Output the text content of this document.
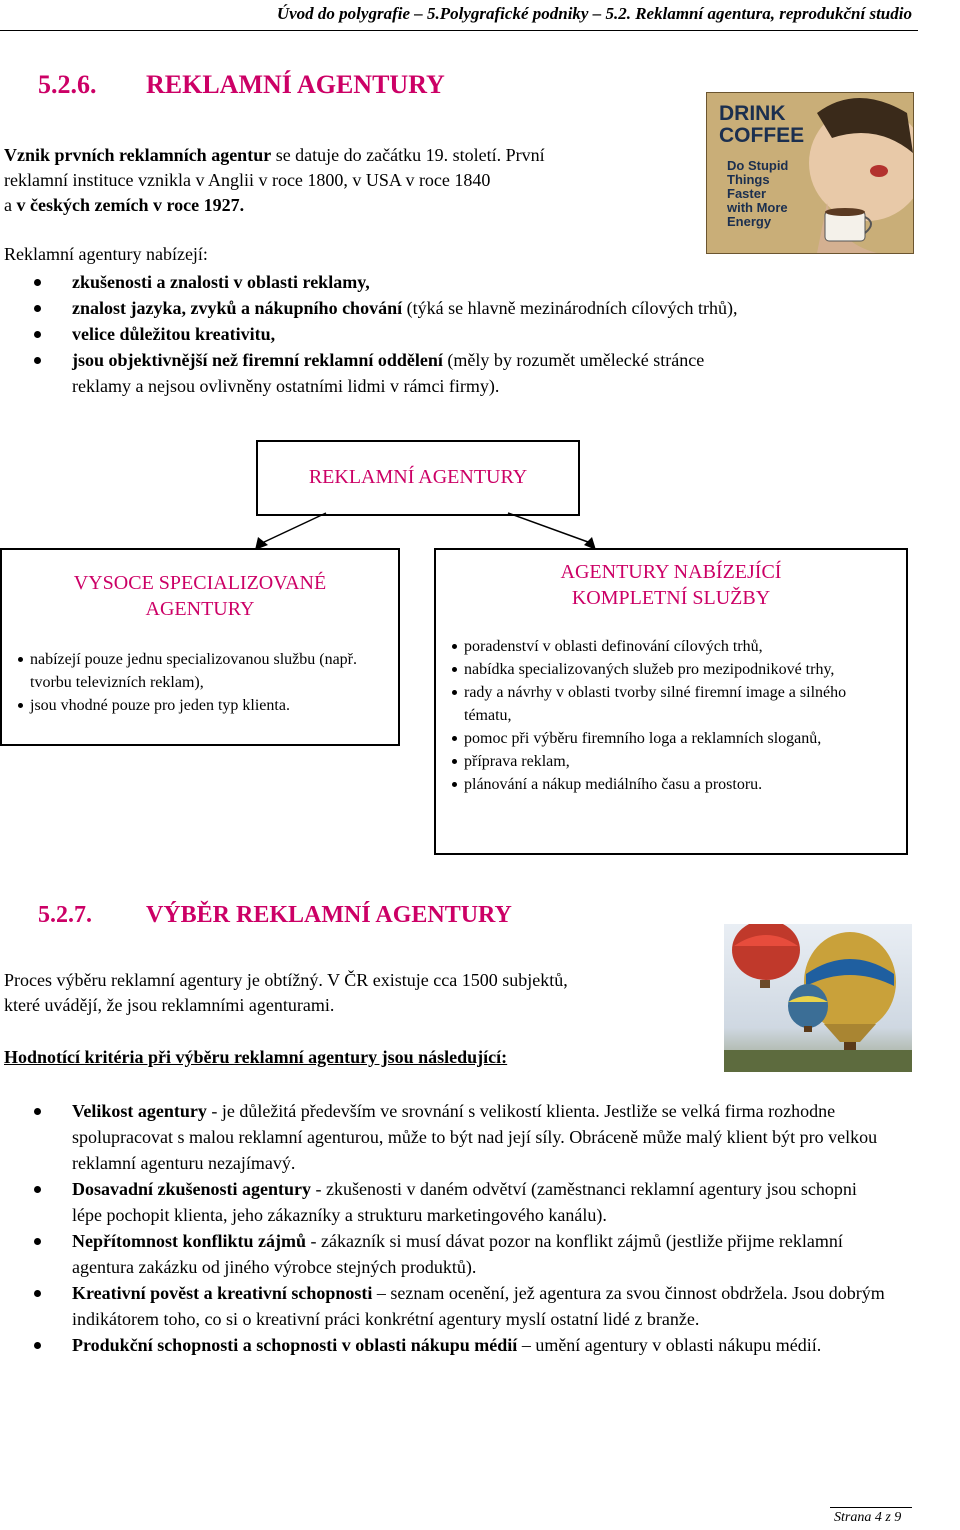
Úvod do polygrafie – 5.Polygrafické podniky – 5.2. Reklamní agentura, reprodukční studio
5.2.6. REKLAMNÍ AGENTURY
Vznik prvních reklamních agentur se datuje do začátku 19. století. První
reklamní instituce vznikla v Anglii v roce 1800, v USA v roce 1840
a v českých zemích v roce 1927.
DRINK
COFFEE
Do Stupid
Things
Faster
with More
Energy
Reklamní agentury nabízejí:
zkušenosti a znalosti v oblasti reklamy,
znalost jazyka, zvyků a nákupního chování (týká se hlavně mezinárodních cílových trhů),
velice důležitou kreativitu,
jsou objektivnější než firemní reklamní oddělení (měly by rozumět umělecké stránce
reklamy a nejsou ovlivněny ostatními lidmi v rámci firmy).
REKLAMNÍ AGENTURY
VYSOCE SPECIALIZOVANÉ
AGENTURY
nabízejí pouze jednu specializovanou službu (např. tvorbu televizních reklam),
jsou vhodné pouze pro jeden typ klienta.
AGENTURY NABÍZEJÍCÍ
KOMPLETNÍ SLUŽBY
poradenství v oblasti definování cílových trhů,
nabídka specializovaných služeb pro mezipodnikové trhy,
rady a návrhy v oblasti tvorby silné firemní image a silného tématu,
pomoc při výběru firemního loga a reklamních sloganů,
příprava reklam,
plánování a nákup mediálního času a prostoru.
5.2.7. VÝBĚR REKLAMNÍ AGENTURY
Proces výběru reklamní agentury je obtížný. V ČR existuje cca 1500 subjektů,
které uvádějí, že jsou reklamními agenturami.
Hodnotící kritéria při výběru reklamní agentury jsou následující:
Velikost agentury - je důležitá především ve srovnání s velikostí klienta. Jestliže se velká firma rozhodne spolupracovat s malou reklamní agenturou, může to být nad její síly. Obráceně může malý klient být pro velkou reklamní agenturu nezajímavý.
Dosavadní zkušenosti agentury - zkušenosti v daném odvětví (zaměstnanci reklamní agentury jsou schopni lépe pochopit klienta, jeho zákazníky a strukturu marketingového kanálu).
Nepřítomnost konfliktu zájmů - zákazník si musí dávat pozor na konflikt zájmů (jestliže přijme reklamní agentura zakázku od jiného výrobce stejných produktů).
Kreativní pověst a kreativní schopnosti – seznam ocenění, jež agentura za svou činnost obdržela. Jsou dobrým indikátorem toho, co si o kreativní práci konkrétní agentury myslí ostatní lidé z branže.
Produkční schopnosti a schopnosti v oblasti nákupu médií – umění agentury v oblasti nákupu médií.
Strana 4 z 9
